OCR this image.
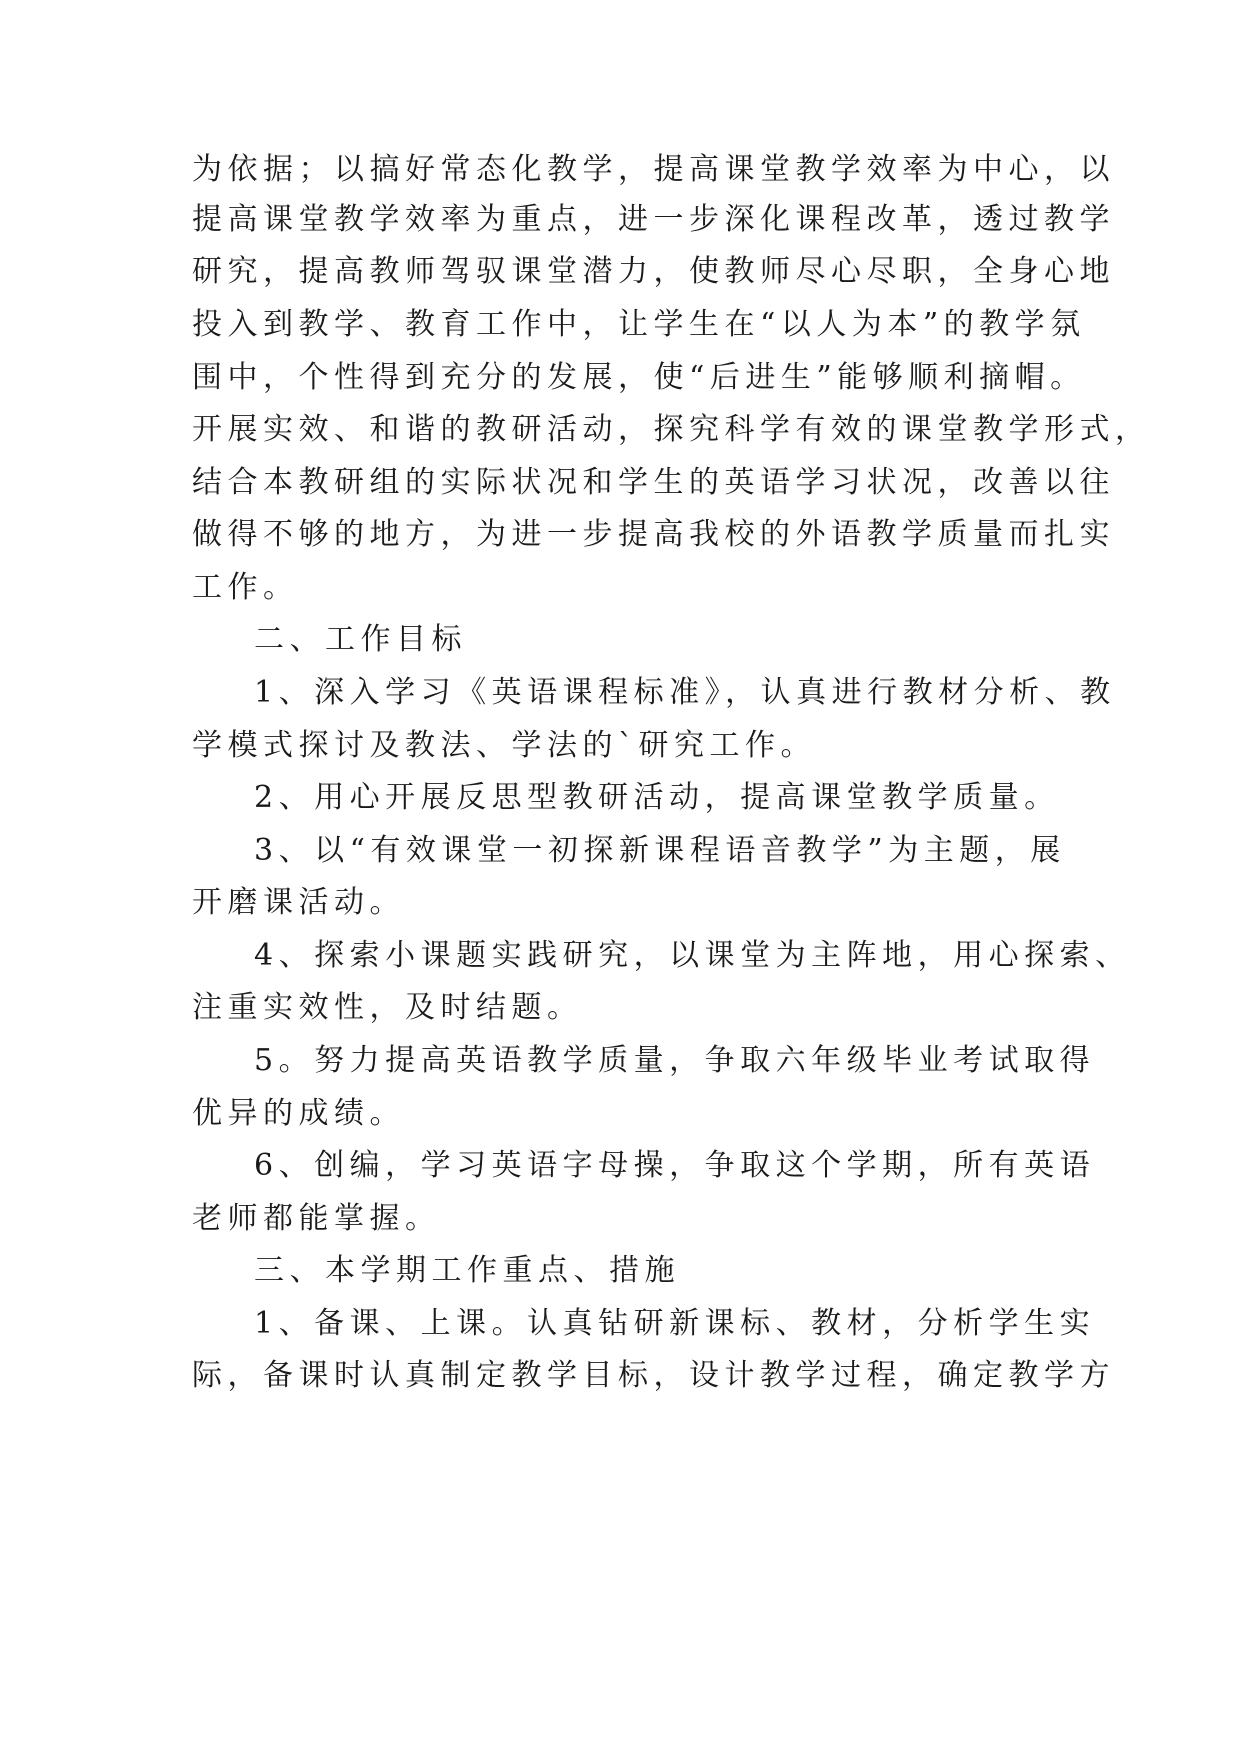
为依据；以搞好常态化教学，提高课堂教学效率为中心，以
提高课堂教学效率为重点，进一步深化课程改革，透过教学
研究，提高教师驾驭课堂潜力，使教师尽心尽职，全身心地
投入到教学、教育工作中，让学生在“以人为本”的教学氛
围中，个性得到充分的发展，使“后进生”能够顺利摘帽。
开展实效、和谐的教研活动，探究科学有效的课堂教学形式，
结合本教研组的实际状况和学生的英语学习状况，改善以往
做得不够的地方，为进一步提高我校的外语教学质量而扎实
工作。
二、工作目标
1、深入学习《英语课程标准》，认真进行教材分析、教
学模式探讨及教法、学法的`研究工作。
2、用心开展反思型教研活动，提高课堂教学质量。
3、以“有效课堂一初探新课程语音教学”为主题，展
开磨课活动。
4、探索小课题实践研究，以课堂为主阵地，用心探索、
注重实效性，及时结题。
5。努力提高英语教学质量，争取六年级毕业考试取得
优异的成绩。
6、创编，学习英语字母操，争取这个学期，所有英语
老师都能掌握。
三、本学期工作重点、措施
1、备课、上课。认真钻研新课标、教材，分析学生实
际，备课时认真制定教学目标，设计教学过程，确定教学方
